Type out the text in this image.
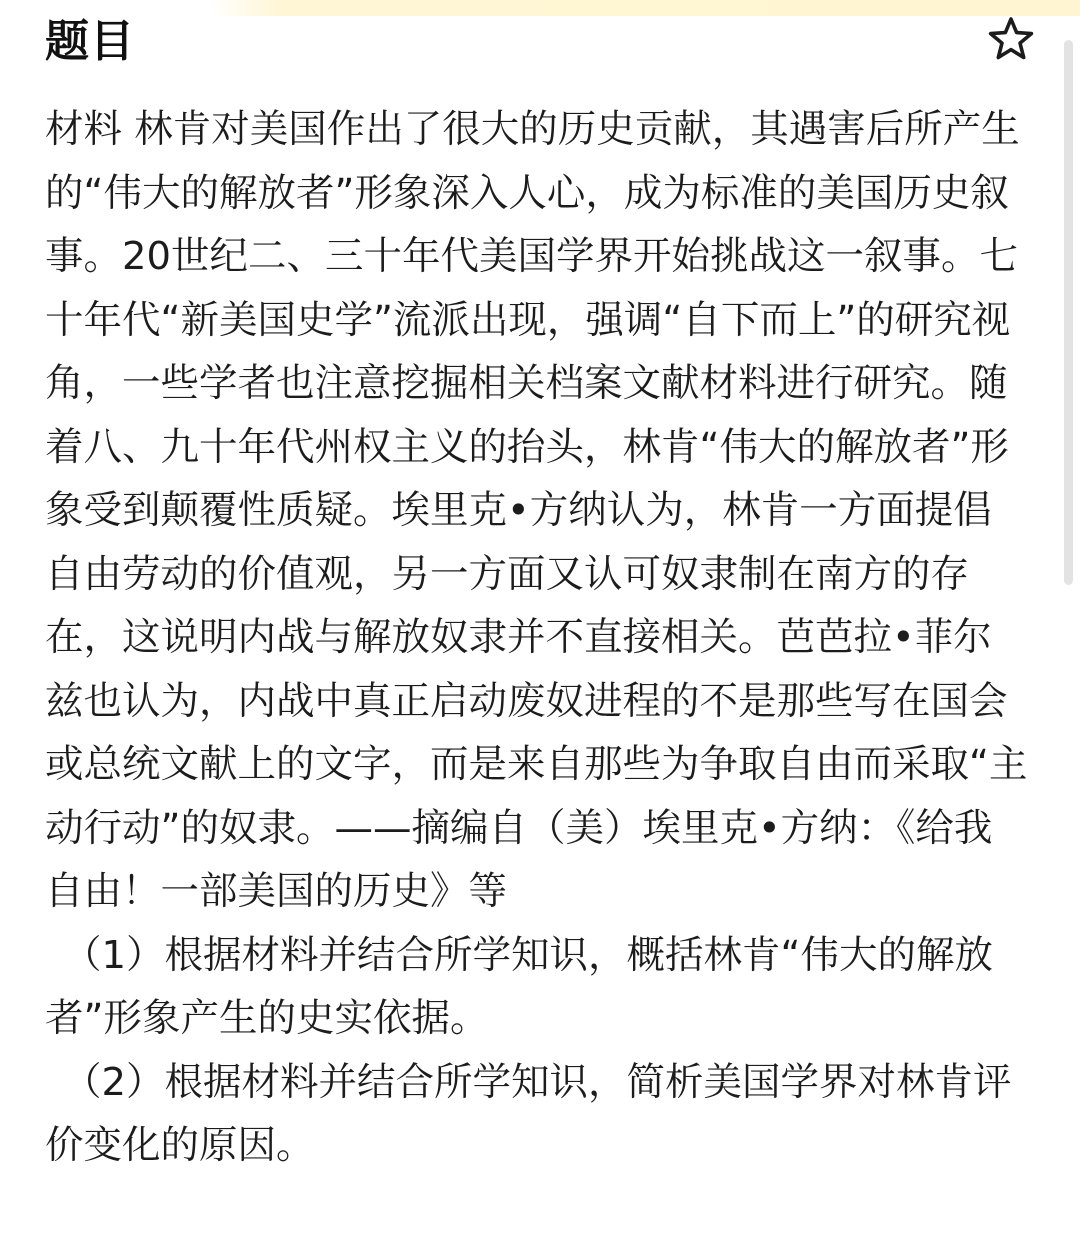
题目

材料 林肯对美国作出了很大的历史贡献，其遇害后所产生的“伟大的解放者”形象深入人心，成为标准的美国历史叙事。20世纪二、三十年代美国学界开始挑战这一叙事。七十年代“新美国史学”流派出现，强调“自下而上”的研究视角，一些学者也注意挖掘相关档案文献材料进行研究。随着八、九十年代州权主义的抬头，林肯“伟大的解放者”形象受到颠覆性质疑。埃里克•方纳认为，林肯一方面提倡自由劳动的价值观，另一方面又认可奴隶制在南方的存在，这说明内战与解放奴隶并不直接相关。芭芭拉•菲尔兹也认为，内战中真正启动废奴进程的不是那些写在国会或总统文献上的文字，而是来自那些为争取自由而采取“主动行动”的奴隶。——摘编自（美）埃里克•方纳：《给我自由！一部美国的历史》等

（1）根据材料并结合所学知识，概括林肯“伟大的解放者”形象产生的史实依据。

（2）根据材料并结合所学知识，简析美国学界对林肯评价变化的原因。
